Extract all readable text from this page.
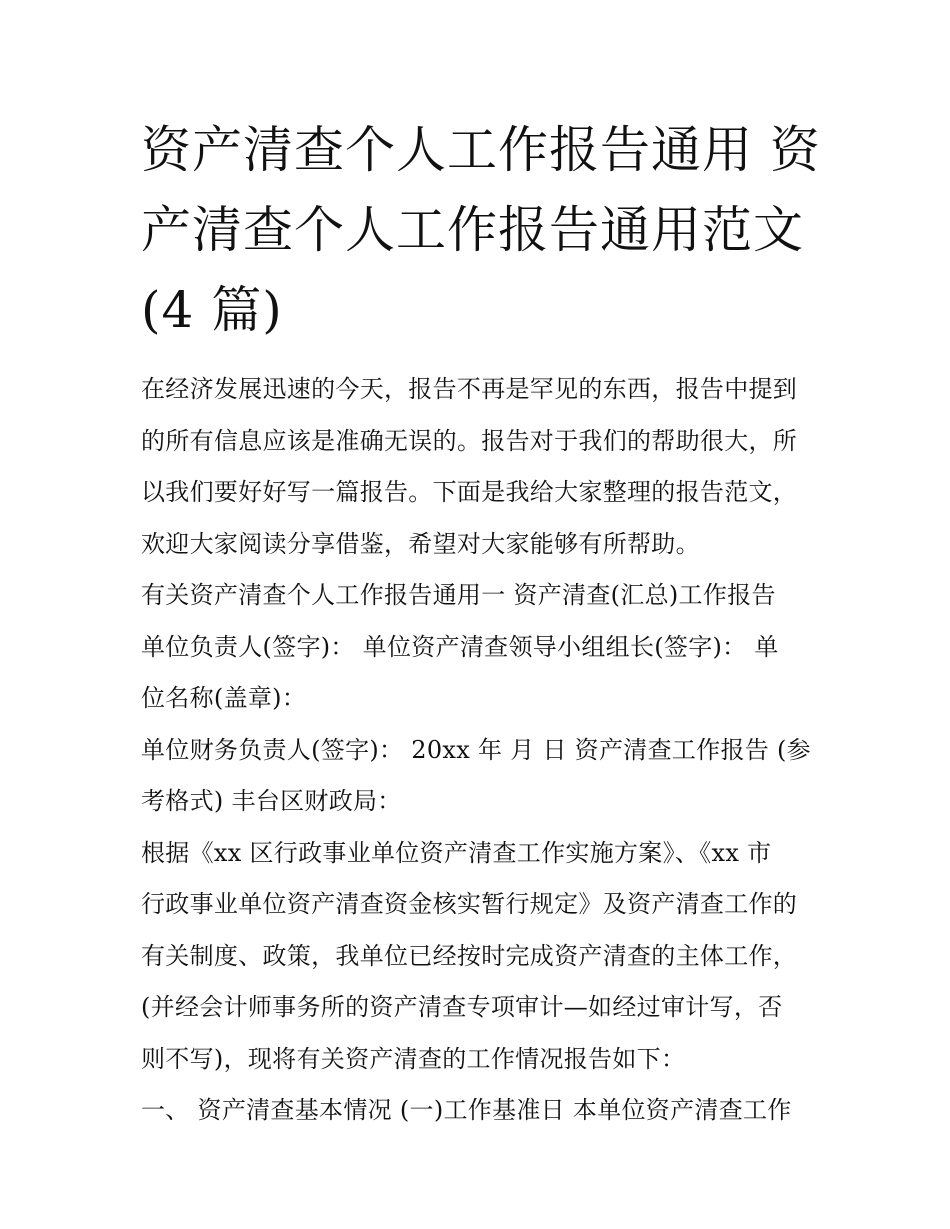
资产清查个人工作报告通用 资
产清查个人工作报告通用范文
(4 篇)

在经济发展迅速的今天，报告不再是罕见的东西，报告中提到
的所有信息应该是准确无误的。报告对于我们的帮助很大，所
以我们要好好写一篇报告。下面是我给大家整理的报告范文，
欢迎大家阅读分享借鉴，希望对大家能够有所帮助。

有关资产清查个人工作报告通用一 资产清查(汇总)工作报告

单位负责人(签字)： 单位资产清查领导小组组长(签字)： 单
位名称(盖章)：

单位财务负责人(签字)： 20xx 年 月 日 资产清查工作报告 (参
考格式) 丰台区财政局：

根据《xx 区行政事业单位资产清查工作实施方案》、《xx 市
行政事业单位资产清查资金核实暂行规定》及资产清查工作的
有关制度、政策，我单位已经按时完成资产清查的主体工作，
(并经会计师事务所的资产清查专项审计—如经过审计写，否
则不写)，现将有关资产清查的工作情况报告如下：

一、 资产清查基本情况 (一)工作基准日 本单位资产清查工作
